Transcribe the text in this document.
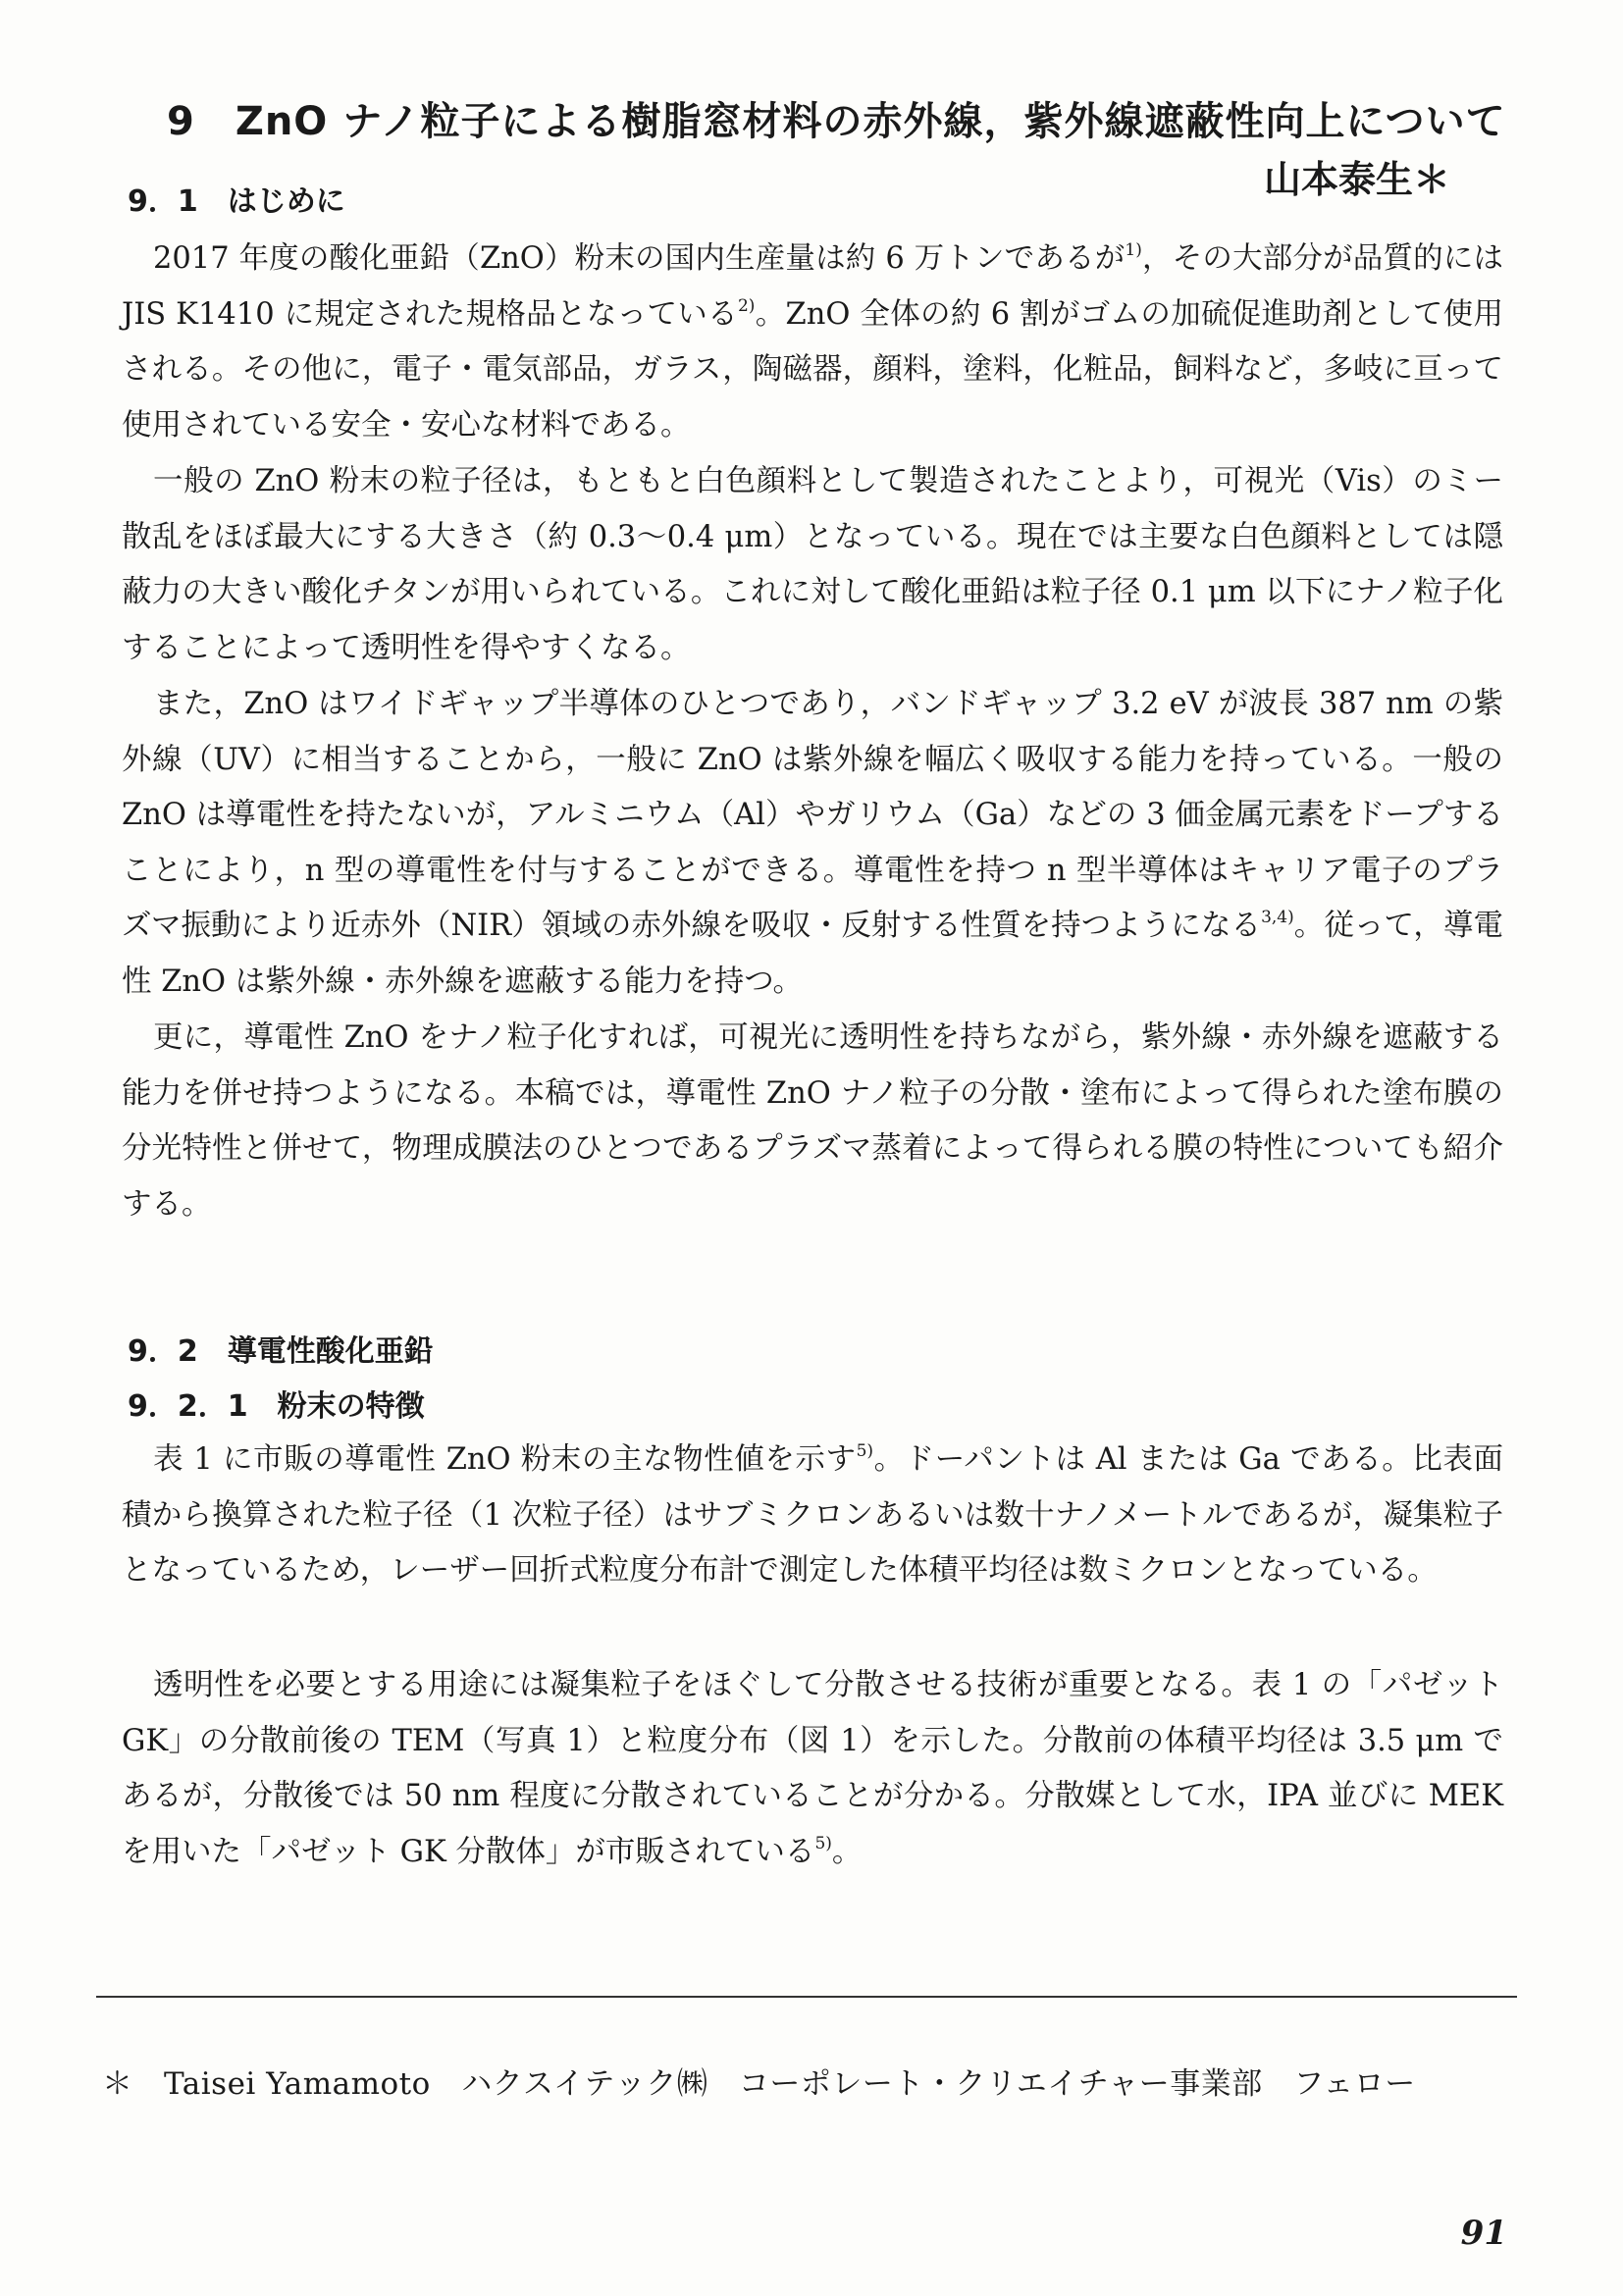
9　ZnO ナノ粒子による樹脂窓材料の赤外線，紫外線遮蔽性向上について
山本泰生＊
9．1　はじめに

2017 年度の酸化亜鉛（ZnO）粉末の国内生産量は約 6 万トンであるが$^{1)}$，その大部分が品質的には JIS K1410 に規定された規格品となっている$^{2)}$。ZnO 全体の約 6 割がゴムの加硫促進助剤として使用される。その他に，電子・電気部品，ガラス，陶磁器，顔料，塗料，化粧品，飼料など，多岐に亘って使用されている安全・安心な材料である。

一般の ZnO 粉末の粒子径は，もともと白色顔料として製造されたことより，可視光（Vis）のミー散乱をほぼ最大にする大きさ（約 0.3〜0.4 μm）となっている。現在では主要な白色顔料としては隠蔽力の大きい酸化チタンが用いられている。これに対して酸化亜鉛は粒子径 0.1 μm 以下にナノ粒子化することによって透明性を得やすくなる。

また，ZnO はワイドギャップ半導体のひとつであり，バンドギャップ 3.2 eV が波長 387 nm の紫外線（UV）に相当することから，一般に ZnO は紫外線を幅広く吸収する能力を持っている。一般の ZnO は導電性を持たないが，アルミニウム（Al）やガリウム（Ga）などの 3 価金属元素をドープすることにより，n 型の導電性を付与することができる。導電性を持つ n 型半導体はキャリア電子のプラズマ振動により近赤外（NIR）領域の赤外線を吸収・反射する性質を持つようになる$^{3,4)}$。従って，導電性 ZnO は紫外線・赤外線を遮蔽する能力を持つ。

更に，導電性 ZnO をナノ粒子化すれば，可視光に透明性を持ちながら，紫外線・赤外線を遮蔽する能力を併せ持つようになる。本稿では，導電性 ZnO ナノ粒子の分散・塗布によって得られた塗布膜の分光特性と併せて，物理成膜法のひとつであるプラズマ蒸着によって得られる膜の特性についても紹介する。

9．2　導電性酸化亜鉛
9．2．1　粉末の特徴

表 1 に市販の導電性 ZnO 粉末の主な物性値を示す$^{5)}$。ドーパントは Al または Ga である。比表面積から換算された粒子径（1 次粒子径）はサブミクロンあるいは数十ナノメートルであるが，凝集粒子となっているため，レーザー回折式粒度分布計で測定した体積平均径は数ミクロンとなっている。

透明性を必要とする用途には凝集粒子をほぐして分散させる技術が重要となる。表 1 の「パゼット GK」の分散前後の TEM（写真 1）と粒度分布（図 1）を示した。分散前の体積平均径は 3.5 μm であるが，分散後では 50 nm 程度に分散されていることが分かる。分散媒として水，IPA 並びに MEK を用いた「パゼット GK 分散体」が市販されている$^{5)}$。

＊　Taisei Yamamoto　ハクスイテック㈱　コーポレート・クリエイチャー事業部　フェロー
91
